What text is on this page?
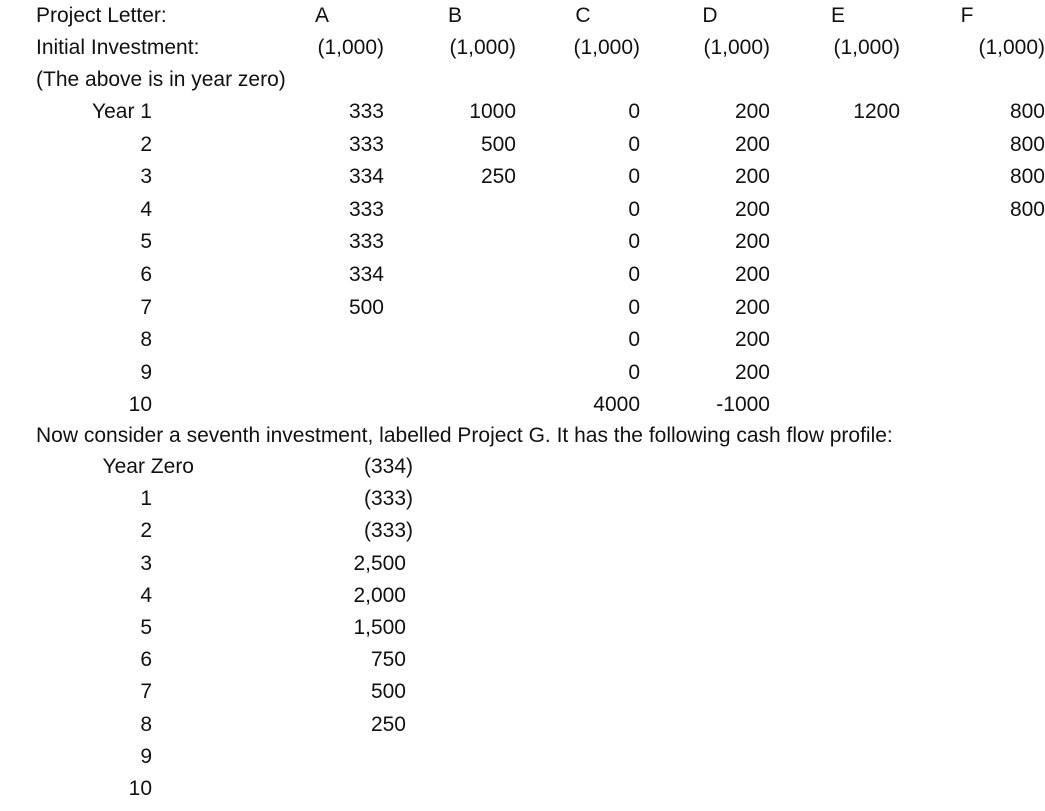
Project Letter:
Initial Investment:
(The above is in year zero)
Now consider a seventh investment, labelled Project G. It has the following cash flow profile:
A
(1,000)
B
(1,000)
C
(1,000)
D
(1,000)
E
(1,000)
F
(1,000)
Year 1
2
3
4
5
6
7
8
9
10
333
333
334
333
333
334
500
1000
500
250
0
0
0
0
0
0
0
0
0
4000
200
200
200
200
200
200
200
200
200
-1000
1200	800
800
800
800
Year Zero
1
2
3
4
5
6
7
8
9
10
(334)
(333)
(333)
2,500
2,000
1,500
750
500
250
